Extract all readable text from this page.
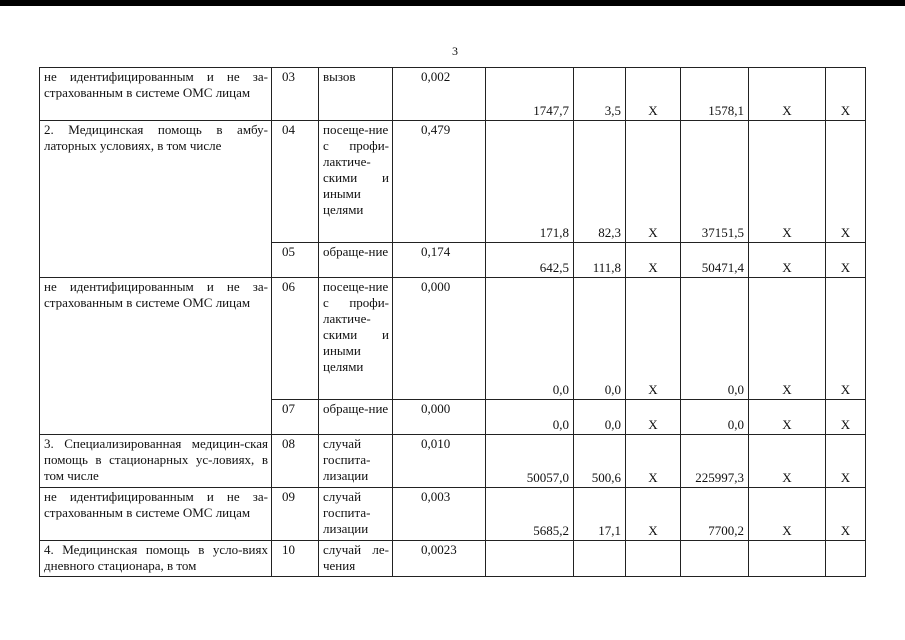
3
не идентифицированным и не за-страхованным в системе ОМС лицам	03	вызов	0,002	1747,7	3,5	Х	1578,1	Х	Х
2. Медицинская помощь в амбу-латорных условиях, в том числе	04	посеще-ние с профи-лактиче-скими и иными целями	0,479	171,8	82,3	Х	37151,5	Х	Х
	05	обраще-ние	0,174	642,5	111,8	Х	50471,4	Х	Х
не идентифицированным и не за-страхованным в системе ОМС лицам	06	посеще-ние с профи-лактиче-скими и иными целями	0,000	0,0	0,0	Х	0,0	Х	Х
	07	обраще-ние	0,000	0,0	0,0	Х	0,0	Х	Х
3. Специализированная медицин-ская помощь в стационарных ус-ловиях, в том числе	08	случай госпита-лизации	0,010	50057,0	500,6	Х	225997,3	Х	Х
не идентифицированным и не за-страхованным в системе ОМС лицам	09	случай госпита-лизации	0,003	5685,2	17,1	Х	7700,2	Х	Х
4. Медицинская помощь в усло-виях дневного стационара, в том	10	случай ле-чения	0,0023						
